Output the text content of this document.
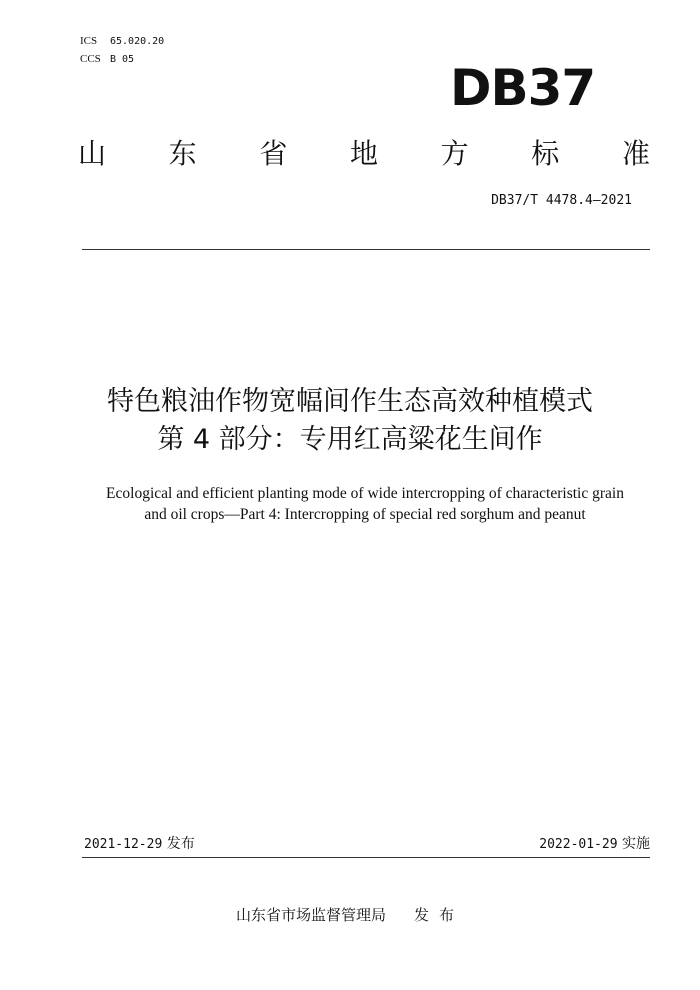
ICS 65.020.20
CCS B 05	DB37
山 东 省 地 方 标 准
DB37/T 4478.4—2021
特色粮油作物宽幅间作生态高效种植模式
第 4 部分：专用红高粱花生间作
Ecological and efficient planting mode of wide intercropping of characteristic grain
and oil crops—Part 4: Intercropping of special red sorghum and peanut
2021-12-29 发布	2022-01-29 实施
山东省市场监督管理局 发布
